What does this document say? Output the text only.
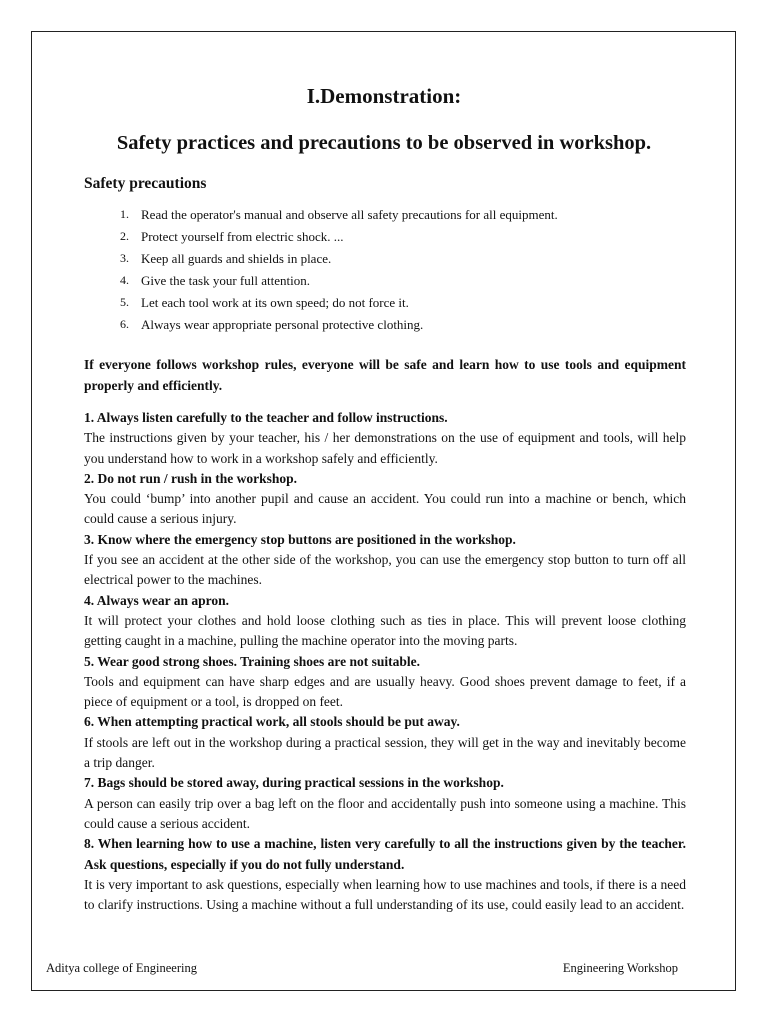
I.Demonstration:
Safety practices and precautions to be observed in workshop.
Safety precautions
1. Read the operator's manual and observe all safety precautions for all equipment.
2. Protect yourself from electric shock. ...
3. Keep all guards and shields in place.
4. Give the task your full attention.
5. Let each tool work at its own speed; do not force it.
6. Always wear appropriate personal protective clothing.

If everyone follows workshop rules, everyone will be safe and learn how to use tools and equipment properly and efficiently.

1. Always listen carefully to the teacher and follow instructions.

The instructions given by your teacher, his / her demonstrations on the use of equipment and tools, will help you understand how to work in a workshop safely and efficiently.

2. Do not run / rush in the workshop.

You could ‘bump’ into another pupil and cause an accident. You could run into a machine or bench, which could cause a serious injury.

3. Know where the emergency stop buttons are positioned in the workshop.

If you see an accident at the other side of the workshop, you can use the emergency stop button to turn off all electrical power to the machines.

4. Always wear an apron.

It will protect your clothes and hold loose clothing such as ties in place. This will prevent loose clothing getting caught in a machine, pulling the machine operator into the moving parts.

5. Wear good strong shoes. Training shoes are not suitable.

Tools and equipment can have sharp edges and are usually heavy. Good shoes prevent damage to feet, if a piece of equipment or a tool, is dropped on feet.

6. When attempting practical work, all stools should be put away.

If stools are left out in the workshop during a practical session, they will get in the way and inevitably become a trip danger.

7. Bags should be stored away, during practical sessions in the workshop.

A person can easily trip over a bag left on the floor and accidentally push into someone using a machine. This could cause a serious accident.

8. When learning how to use a machine, listen very carefully to all the instructions given by the teacher. Ask questions, especially if you do not fully understand.

It is very important to ask questions, especially when learning how to use machines and tools, if there is a need to clarify instructions. Using a machine without a full understanding of its use, could easily lead to an accident.

Aditya college of Engineering	Engineering Workshop
